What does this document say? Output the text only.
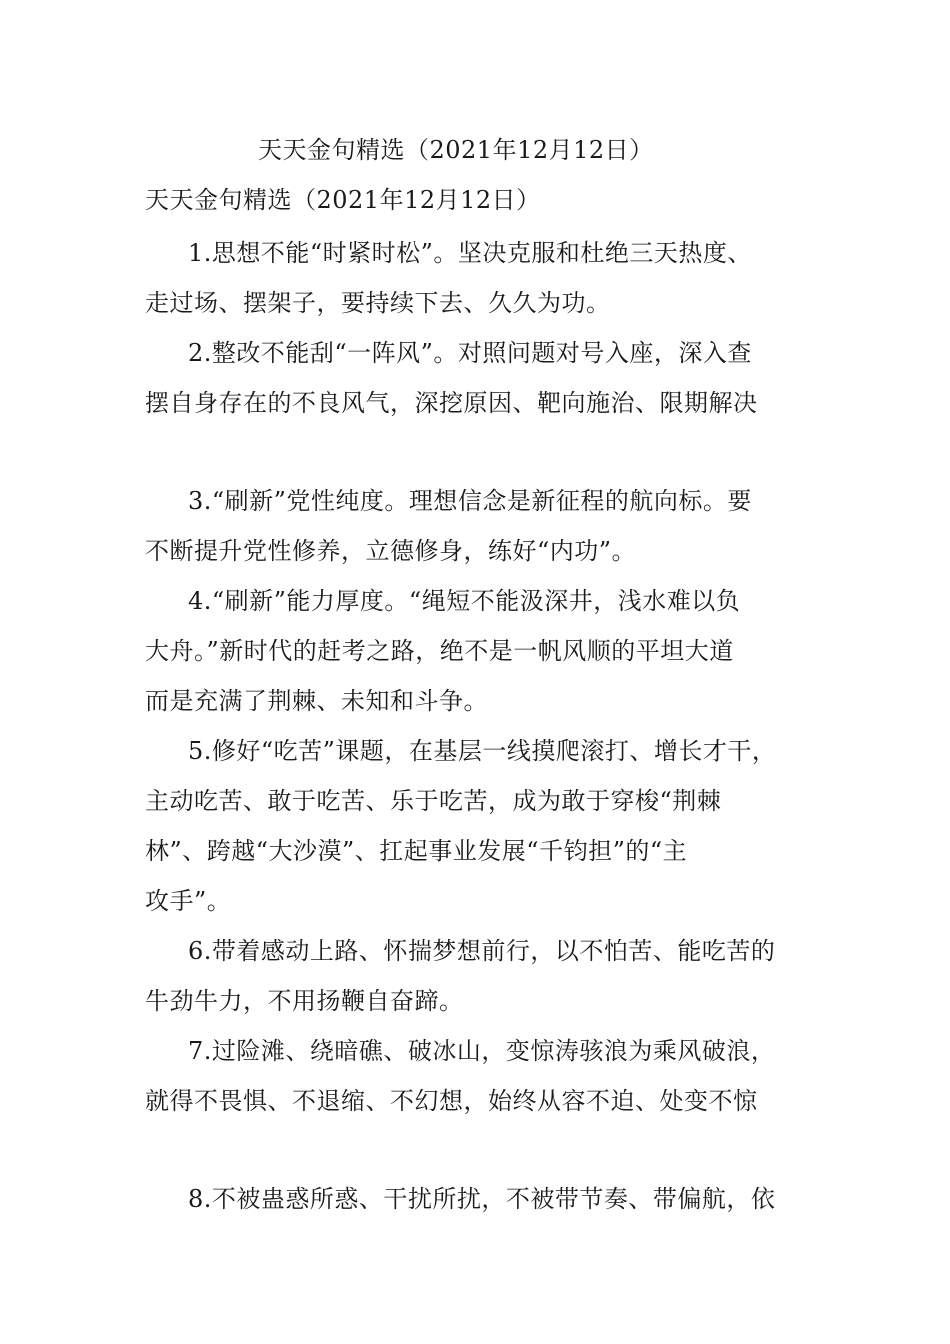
天天金句精选（2021年12月12日）
天天金句精选（2021年12月12日）
1.思想不能“时紧时松”。坚决克服和杜绝三天热度、
走过场、摆架子，要持续下去、久久为功。
2.整改不能刮“一阵风”。对照问题对号入座，深入查
摆自身存在的不良风气，深挖原因、靶向施治、限期解决
3.“刷新”党性纯度。理想信念是新征程的航向标。要
不断提升党性修养，立德修身，练好“内功”。
4.“刷新”能力厚度。“绳短不能汲深井，浅水难以负
大舟。”新时代的赶考之路，绝不是一帆风顺的平坦大道
而是充满了荆棘、未知和斗争。
5.修好“吃苦”课题，在基层一线摸爬滚打、增长才干，
主动吃苦、敢于吃苦、乐于吃苦，成为敢于穿梭“荆棘
林”、跨越“大沙漠”、扛起事业发展“千钧担”的“主
攻手”。
6.带着感动上路、怀揣梦想前行，以不怕苦、能吃苦的
牛劲牛力，不用扬鞭自奋蹄。
7.过险滩、绕暗礁、破冰山，变惊涛骇浪为乘风破浪，
就得不畏惧、不退缩、不幻想，始终从容不迫、处变不惊
8.不被蛊惑所惑、干扰所扰，不被带节奏、带偏航，依
